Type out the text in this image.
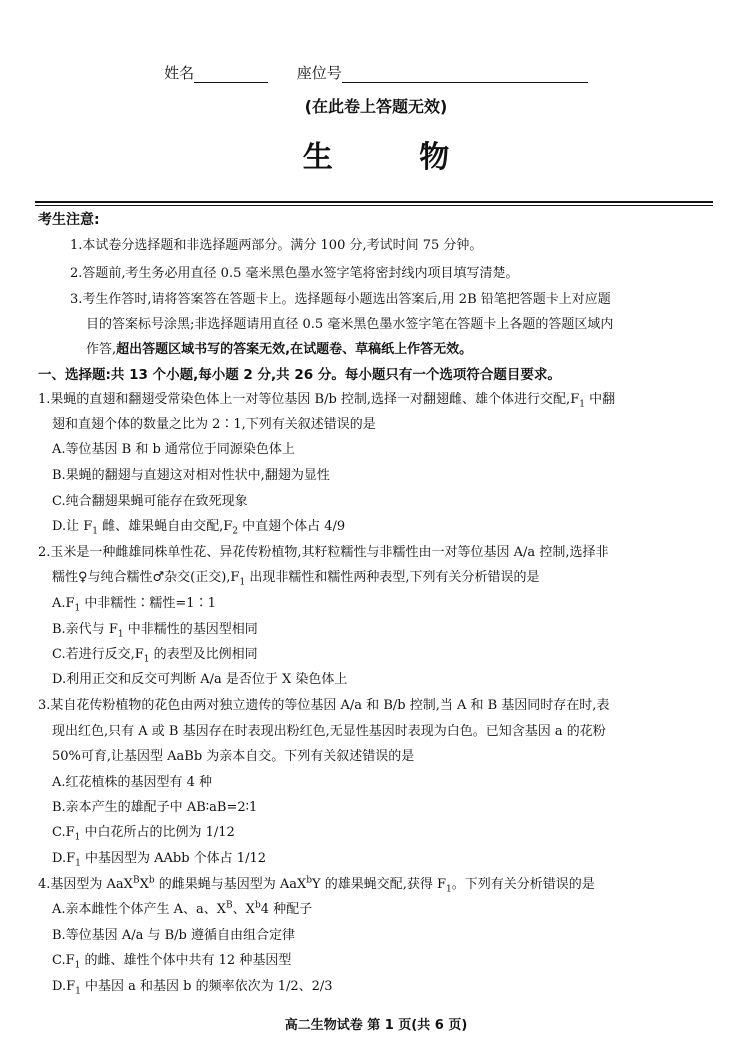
姓名	座位号
(在此卷上答题无效)
生 物
考生注意:
1.本试卷分选择题和非选择题两部分。满分 100 分,考试时间 75 分钟。
2.答题前,考生务必用直径 0.5 毫米黑色墨水签字笔将密封线内项目填写清楚。
3.考生作答时,请将答案答在答题卡上。选择题每小题选出答案后,用 2B 铅笔把答题卡上对应题
目的答案标号涂黑;非选择题请用直径 0.5 毫米黑色墨水签字笔在答题卡上各题的答题区域内
作答,超出答题区域书写的答案无效,在试题卷、草稿纸上作答无效。
一、选择题:共 13 个小题,每小题 2 分,共 26 分。每小题只有一个选项符合题目要求。
1.果蝇的直翅和翻翅受常染色体上一对等位基因 B/b 控制,选择一对翻翅雌、雄个体进行交配$,F_1$ 中翻
翅和直翅个体的数量之比为 2∶1,下列有关叙述错误的是
A.等位基因 B 和 b 通常位于同源染色体上
B.果蝇的翻翅与直翅这对相对性状中,翻翅为显性
C.纯合翻翅果蝇可能存在致死现象
D.让 $F_1$ 雌、雄果蝇自由交配$,F_2$ 中直翅个体占 4/9
2.玉米是一种雌雄同株单性花、异花传粉植物,其籽粒糯性与非糯性由一对等位基因 A/a 控制,选择非
糯性♀与纯合糯性♂杂交(正交)$,F_1$ 出现非糯性和糯性两种表型,下列有关分析错误的是
$A.F_1$ 中非糯性∶糯性=1∶1
B.亲代与 $F_1$ 中非糯性的基因型相同
C.若进行反交$,F_1$ 的表型及比例相同
D.利用正交和反交可判断 A/a 是否位于 X 染色体上
3.某自花传粉植物的花色由两对独立遗传的等位基因 A/a 和 B/b 控制,当 A 和 B 基因同时存在时,表
现出红色,只有 A 或 B 基因存在时表现出粉红色,无显性基因时表现为白色。已知含基因 a 的花粉
50%可育,让基因型 AaBb 为亲本自交。下列有关叙述错误的是
A.红花植株的基因型有 4 种
B.亲本产生的雄配子中 AB∶aB=2∶1
$C.F_1$ 中白花所占的比例为 1/12
$D.F_1$ 中基因型为 AAbb 个体占 1/12
4.基因型为 $AaX^BX^b$ 的雌果蝇与基因型为 AaX$^b$Y 的雄果蝇交配,获得 $F_1$。下列有关分析错误的是
A.亲本雌性个体产生 A、a、$X^B$、$X^b4$ 种配子
B.等位基因 A/a 与 B/b 遵循自由组合定律
$C.F_1$ 的雌、雄性个体中共有 12 种基因型
$D.F_1$ 中基因 a 和基因 b 的频率依次为 1/2、2/3
高二生物试卷 第 1 页(共 6 页)
